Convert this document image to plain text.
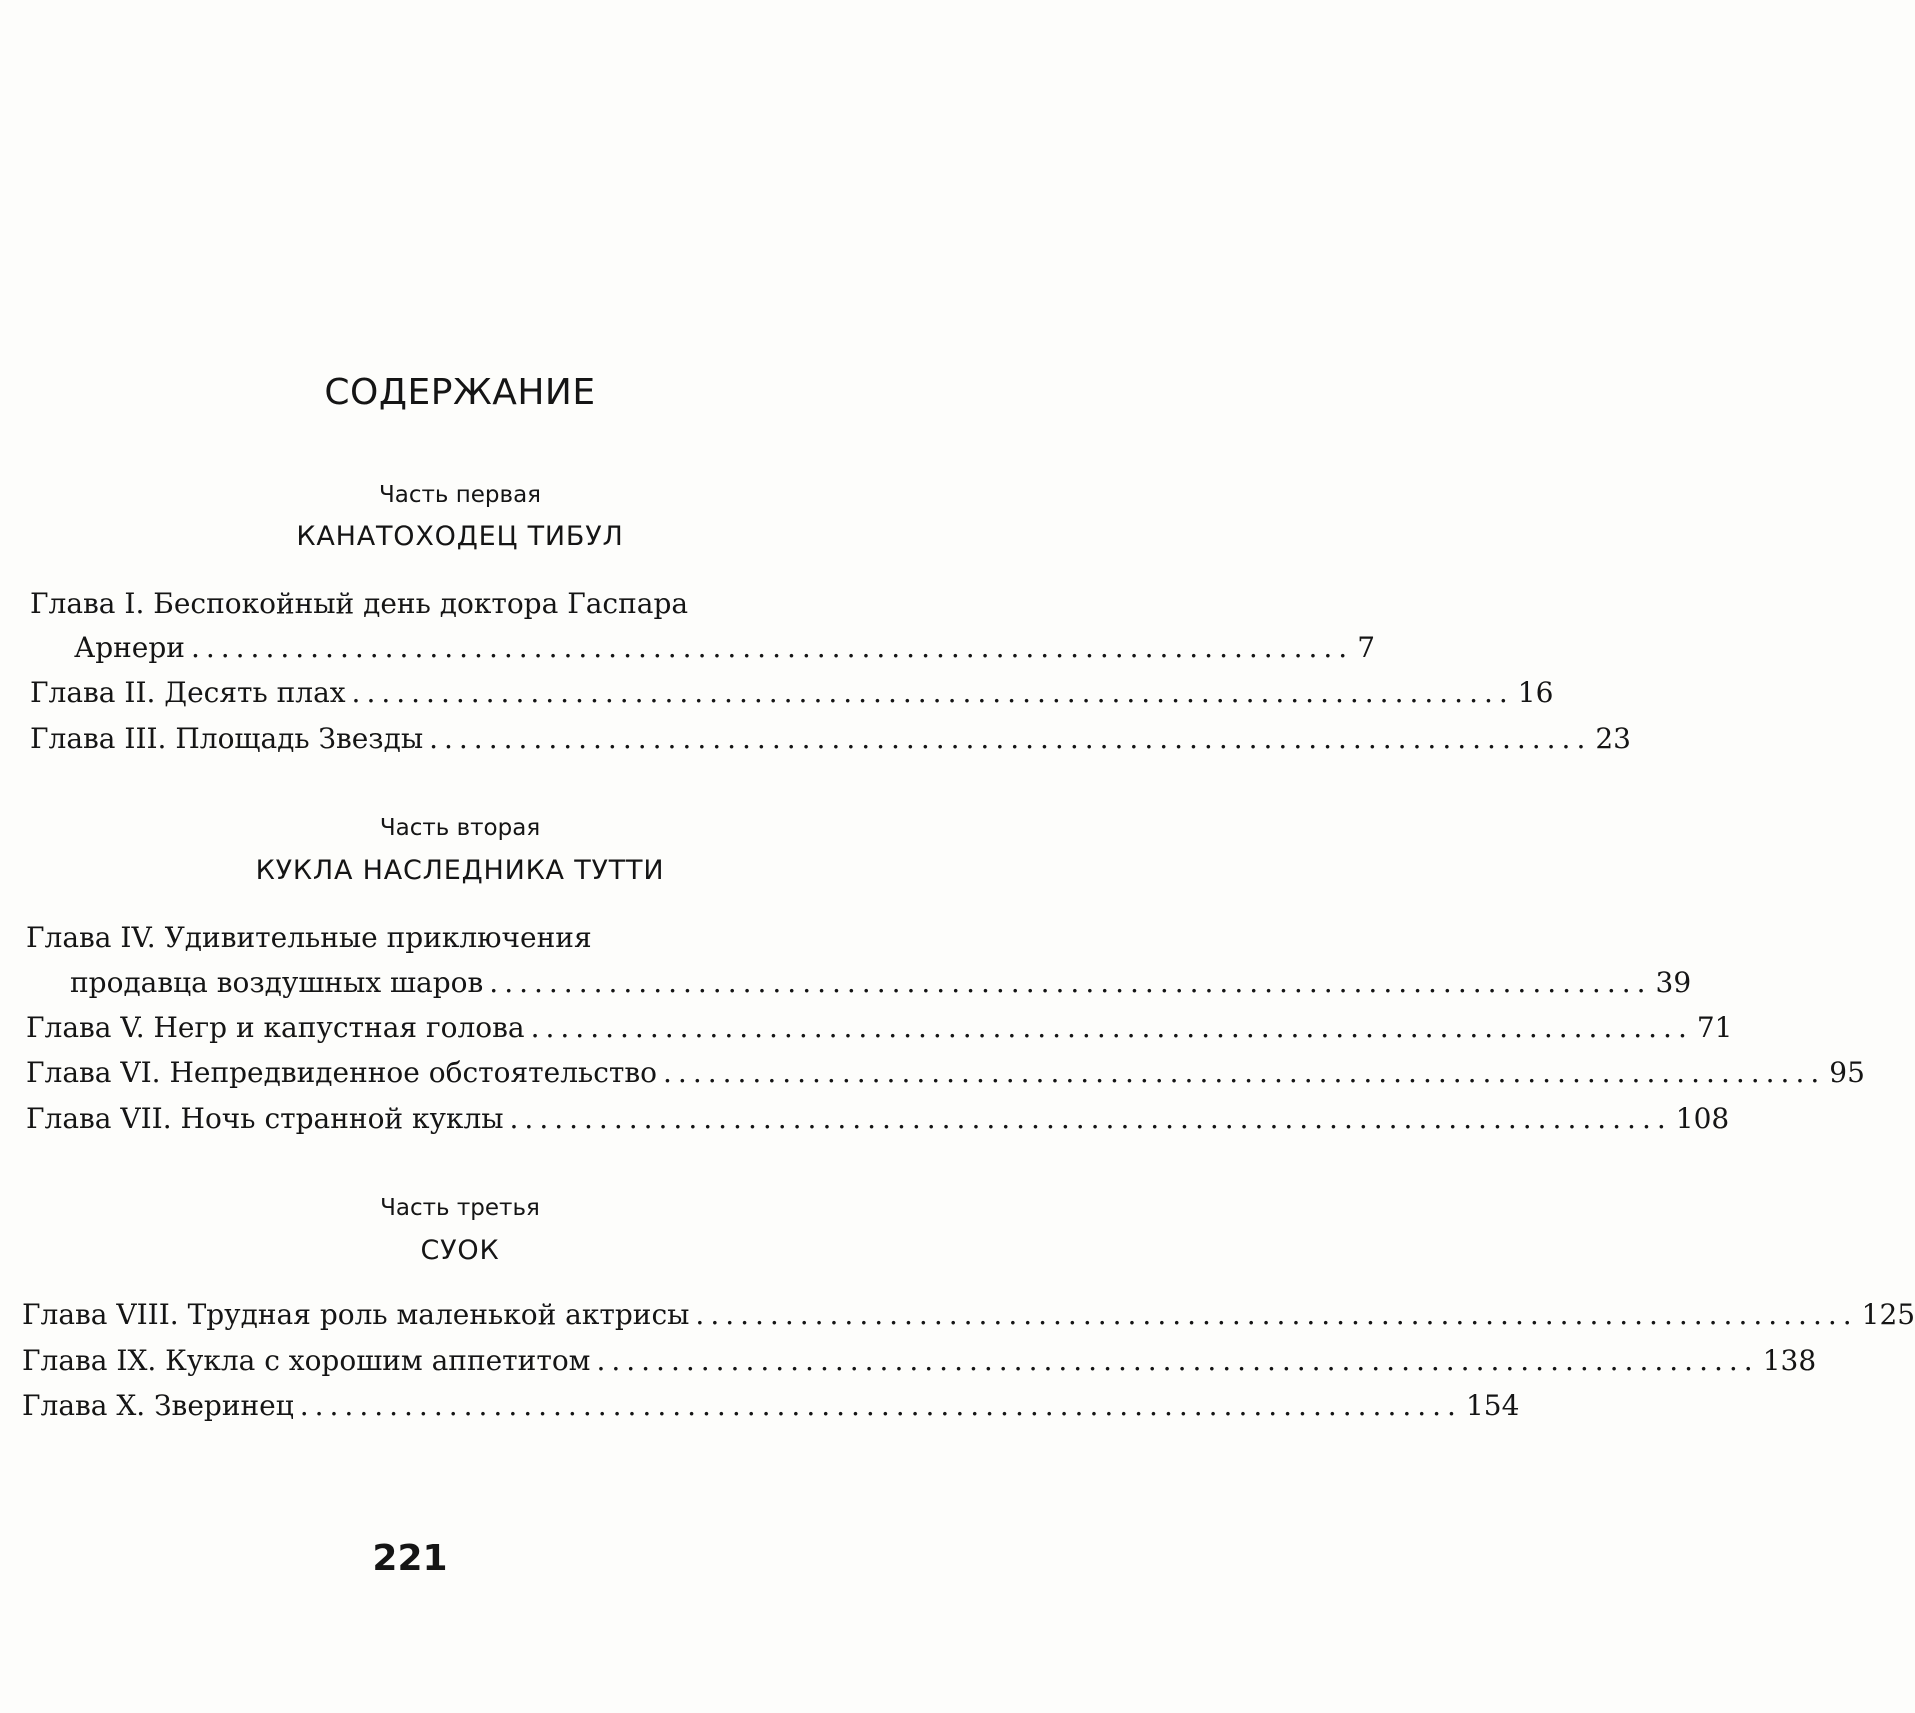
СОДЕРЖАНИЕ
Часть первая
КАНАТОХОДЕЦ ТИБУЛ
Глава I. Беспокойный день доктора Гаспара
Арнери .............................................................................. 7
Глава II. Десять плах .............................................................................. 16
Глава III. Площадь Звезды .............................................................................. 23
Часть вторая
КУКЛА НАСЛЕДНИКА ТУТТИ
Глава IV. Удивительные приключения
продавца воздушных шаров .............................................................................. 39
Глава V. Негр и капустная голова .............................................................................. 71
Глава VI. Непредвиденное обстоятельство .............................................................................. 95
Глава VII. Ночь странной куклы .............................................................................. 108
Часть третья
СУОК
Глава VIII. Трудная роль маленькой актрисы .............................................................................. 125
Глава IX. Кукла с хорошим аппетитом .............................................................................. 138
Глава X. Зверинец .............................................................................. 154
221
